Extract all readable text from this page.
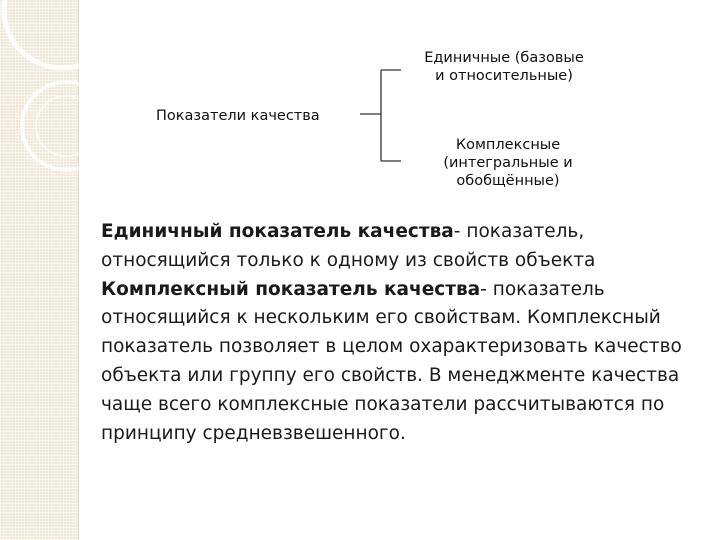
Показатели качества
Единичные (базовые
и относительные)
Комплексные
(интегральные и
обобщённые)

Единичный показатель качества- показатель, относящийся только к одному из свойств объекта

Комплексный показатель качества- показатель относящийся к нескольким его свойствам. Комплексный показатель позволяет в целом охарактеризовать качество объекта или группу его свойств. В менеджменте качества чаще всего комплексные показатели рассчитываются по принципу средневзвешенного.
